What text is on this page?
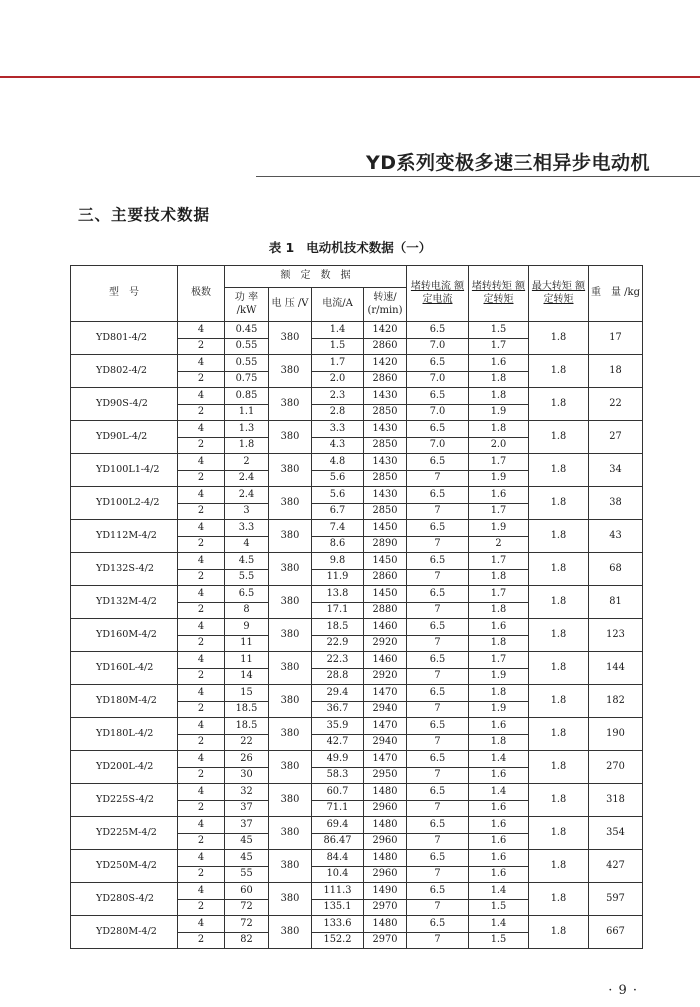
YD系列变极多速三相异步电动机
三、主要技术数据
表 1 电动机技术数据（一）
型　号	极数	额　定　数　据				堵转电流 额定电流	堵转转矩 额定转矩	最大转矩 额定转矩	重　量 /kg
		功 率 /kW	电 压 /V	电流/A	转速/ (r/min)				
YD801-4/2	4	0.45	380	1.4	1420	6.5	1.5	1.8	17
	2	0.55		1.5	2860	7.0	1.7		
YD802-4/2	4	0.55	380	1.7	1420	6.5	1.6	1.8	18
	2	0.75		2.0	2860	7.0	1.8		
YD90S-4/2	4	0.85	380	2.3	1430	6.5	1.8	1.8	22
	2	1.1		2.8	2850	7.0	1.9		
YD90L-4/2	4	1.3	380	3.3	1430	6.5	1.8	1.8	27
	2	1.8		4.3	2850	7.0	2.0		
YD100L1-4/2	4	2	380	4.8	1430	6.5	1.7	1.8	34
	2	2.4		5.6	2850	7	1.9		
YD100L2-4/2	4	2.4	380	5.6	1430	6.5	1.6	1.8	38
	2	3		6.7	2850	7	1.7		
YD112M-4/2	4	3.3	380	7.4	1450	6.5	1.9	1.8	43
	2	4		8.6	2890	7	2		
YD132S-4/2	4	4.5	380	9.8	1450	6.5	1.7	1.8	68
	2	5.5		11.9	2860	7	1.8		
YD132M-4/2	4	6.5	380	13.8	1450	6.5	1.7	1.8	81
	2	8		17.1	2880	7	1.8		
YD160M-4/2	4	9	380	18.5	1460	6.5	1.6	1.8	123
	2	11		22.9	2920	7	1.8		
YD160L-4/2	4	11	380	22.3	1460	6.5	1.7	1.8	144
	2	14		28.8	2920	7	1.9		
YD180M-4/2	4	15	380	29.4	1470	6.5	1.8	1.8	182
	2	18.5		36.7	2940	7	1.9		
YD180L-4/2	4	18.5	380	35.9	1470	6.5	1.6	1.8	190
	2	22		42.7	2940	7	1.8		
YD200L-4/2	4	26	380	49.9	1470	6.5	1.4	1.8	270
	2	30		58.3	2950	7	1.6		
YD225S-4/2	4	32	380	60.7	1480	6.5	1.4	1.8	318
	2	37		71.1	2960	7	1.6		
YD225M-4/2	4	37	380	69.4	1480	6.5	1.6	1.8	354
	2	45		86.47	2960	7	1.6		
YD250M-4/2	4	45	380	84.4	1480	6.5	1.6	1.8	427
	2	55		10.4	2960	7	1.6		
YD280S-4/2	4	60	380	111.3	1490	6.5	1.4	1.8	597
	2	72		135.1	2970	7	1.5		
YD280M-4/2	4	72	380	133.6	1480	6.5	1.4	1.8	667
	2	82		152.2	2970	7	1.5		
· 9 ·
